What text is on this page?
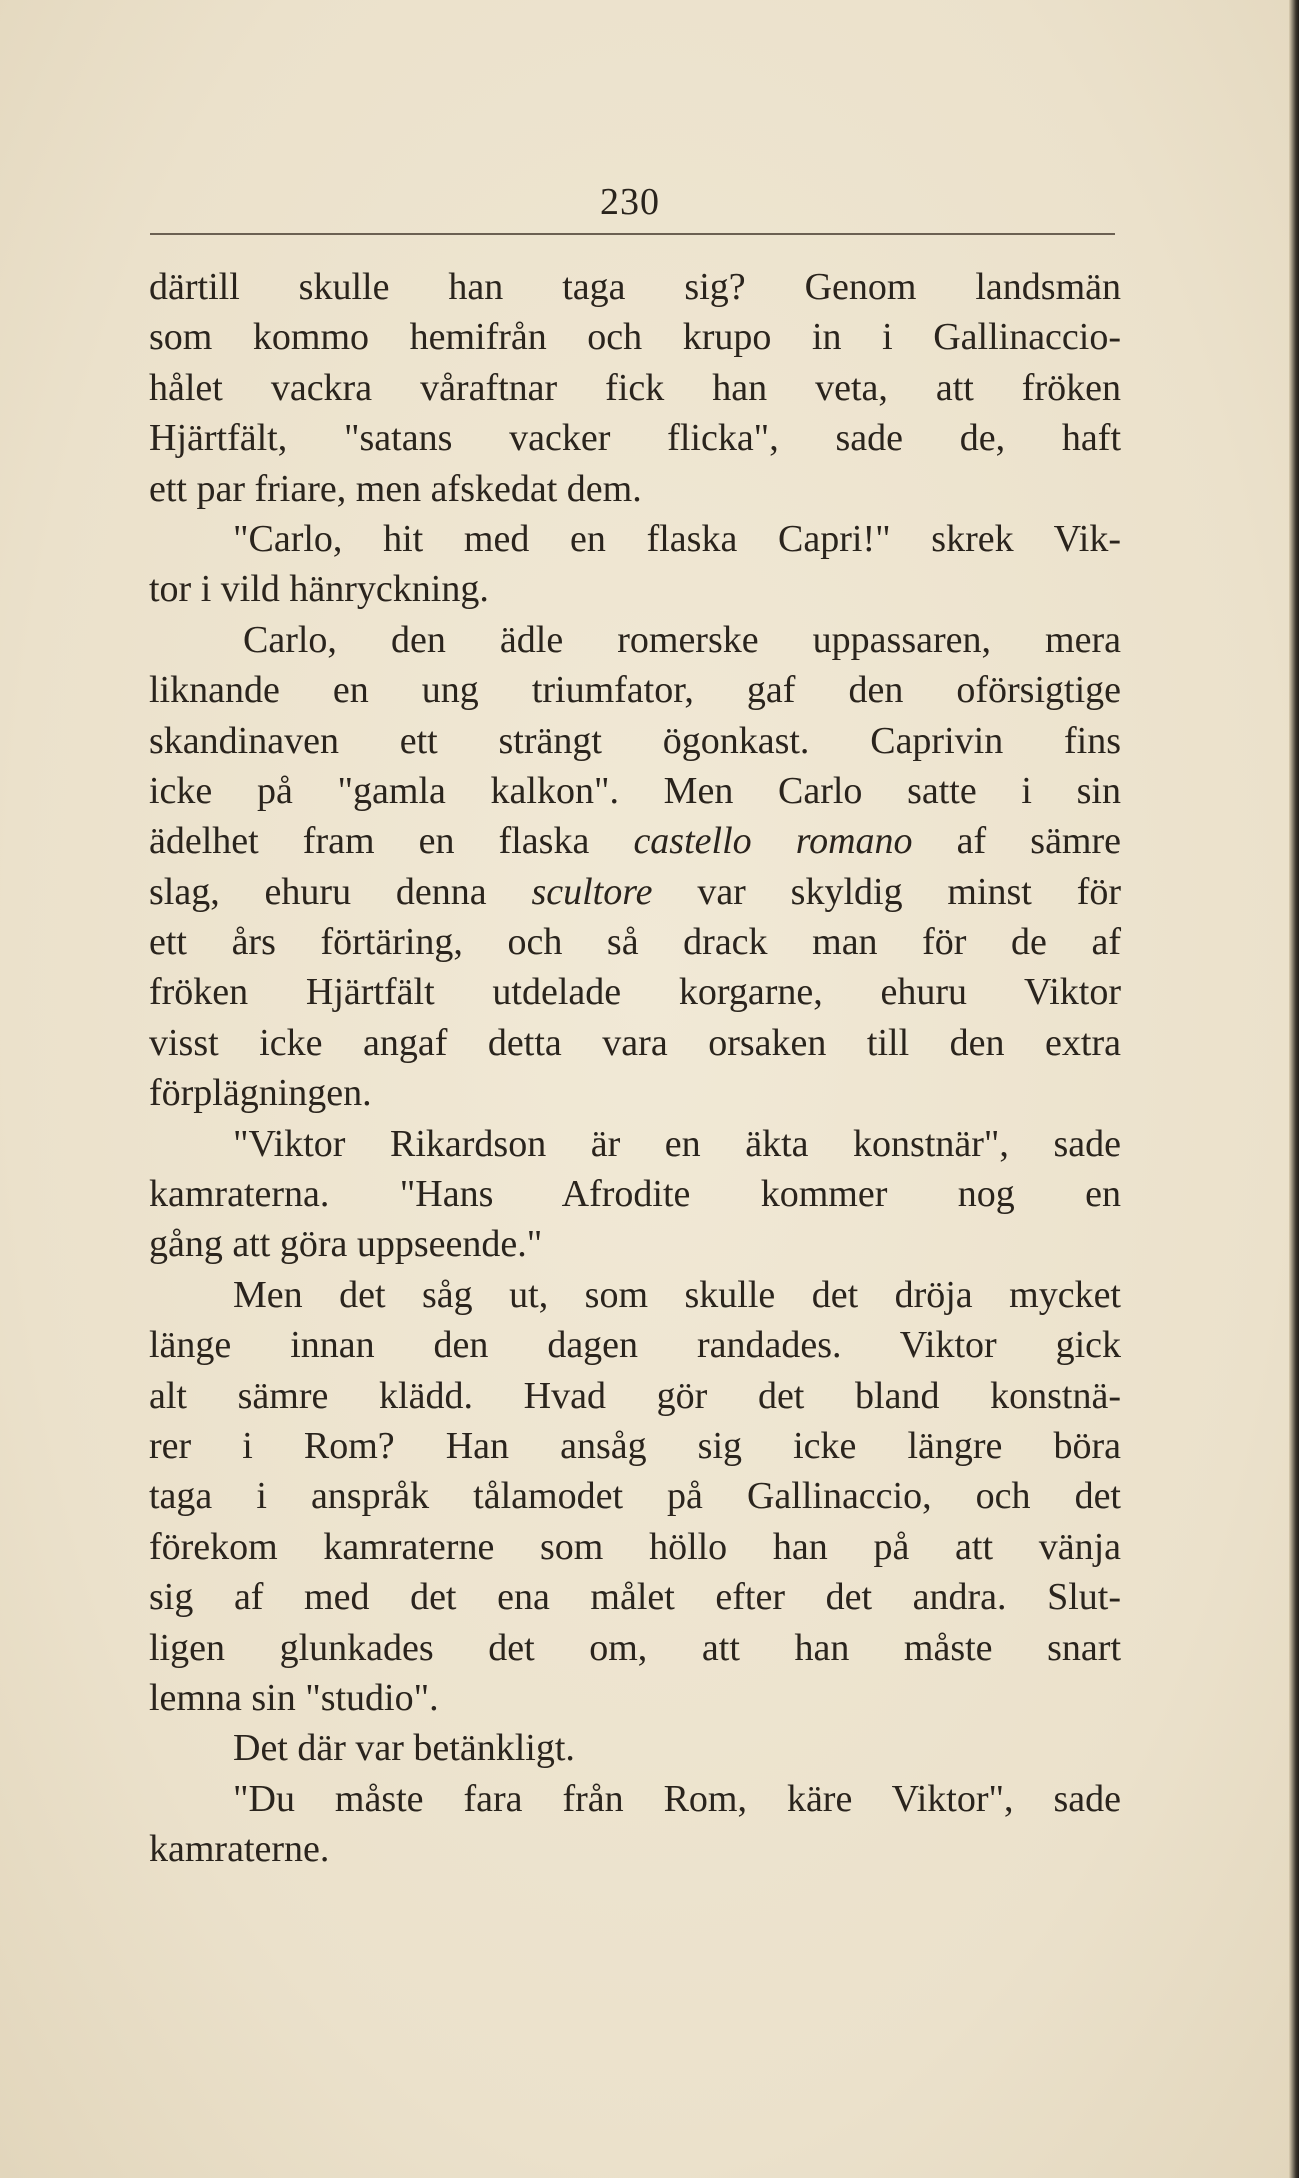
230
därtill skulle han taga sig? Genom landsmän
som kommo hemifrån och krupo in i Gallinaccio-
hålet vackra våraftnar fick han veta, att fröken
Hjärtfält, "satans vacker flicka", sade de, haft
ett par friare, men afskedat dem.
"Carlo, hit med en flaska Capri!" skrek Vik-
tor i vild hänryckning.
Carlo, den ädle romerske uppassaren, mera
liknande en ung triumfator, gaf den oförsigtige
skandinaven ett strängt ögonkast. Caprivin fins
icke på "gamla kalkon". Men Carlo satte i sin
ädelhet fram en flaska castello romano af sämre
slag, ehuru denna scultore var skyldig minst för
ett års förtäring, och så drack man för de af
fröken Hjärtfält utdelade korgarne, ehuru Viktor
visst icke angaf detta vara orsaken till den extra
förplägningen.
"Viktor Rikardson är en äkta konstnär", sade
kamraterna. "Hans Afrodite kommer nog en
gång att göra uppseende."
Men det såg ut, som skulle det dröja mycket
länge innan den dagen randades. Viktor gick
alt sämre klädd. Hvad gör det bland konstnä-
rer i Rom? Han ansåg sig icke längre böra
taga i anspråk tålamodet på Gallinaccio, och det
förekom kamraterne som höllo han på att vänja
sig af med det ena målet efter det andra. Slut-
ligen glunkades det om, att han måste snart
lemna sin "studio".
Det där var betänkligt.
"Du måste fara från Rom, käre Viktor", sade
kamraterne.
